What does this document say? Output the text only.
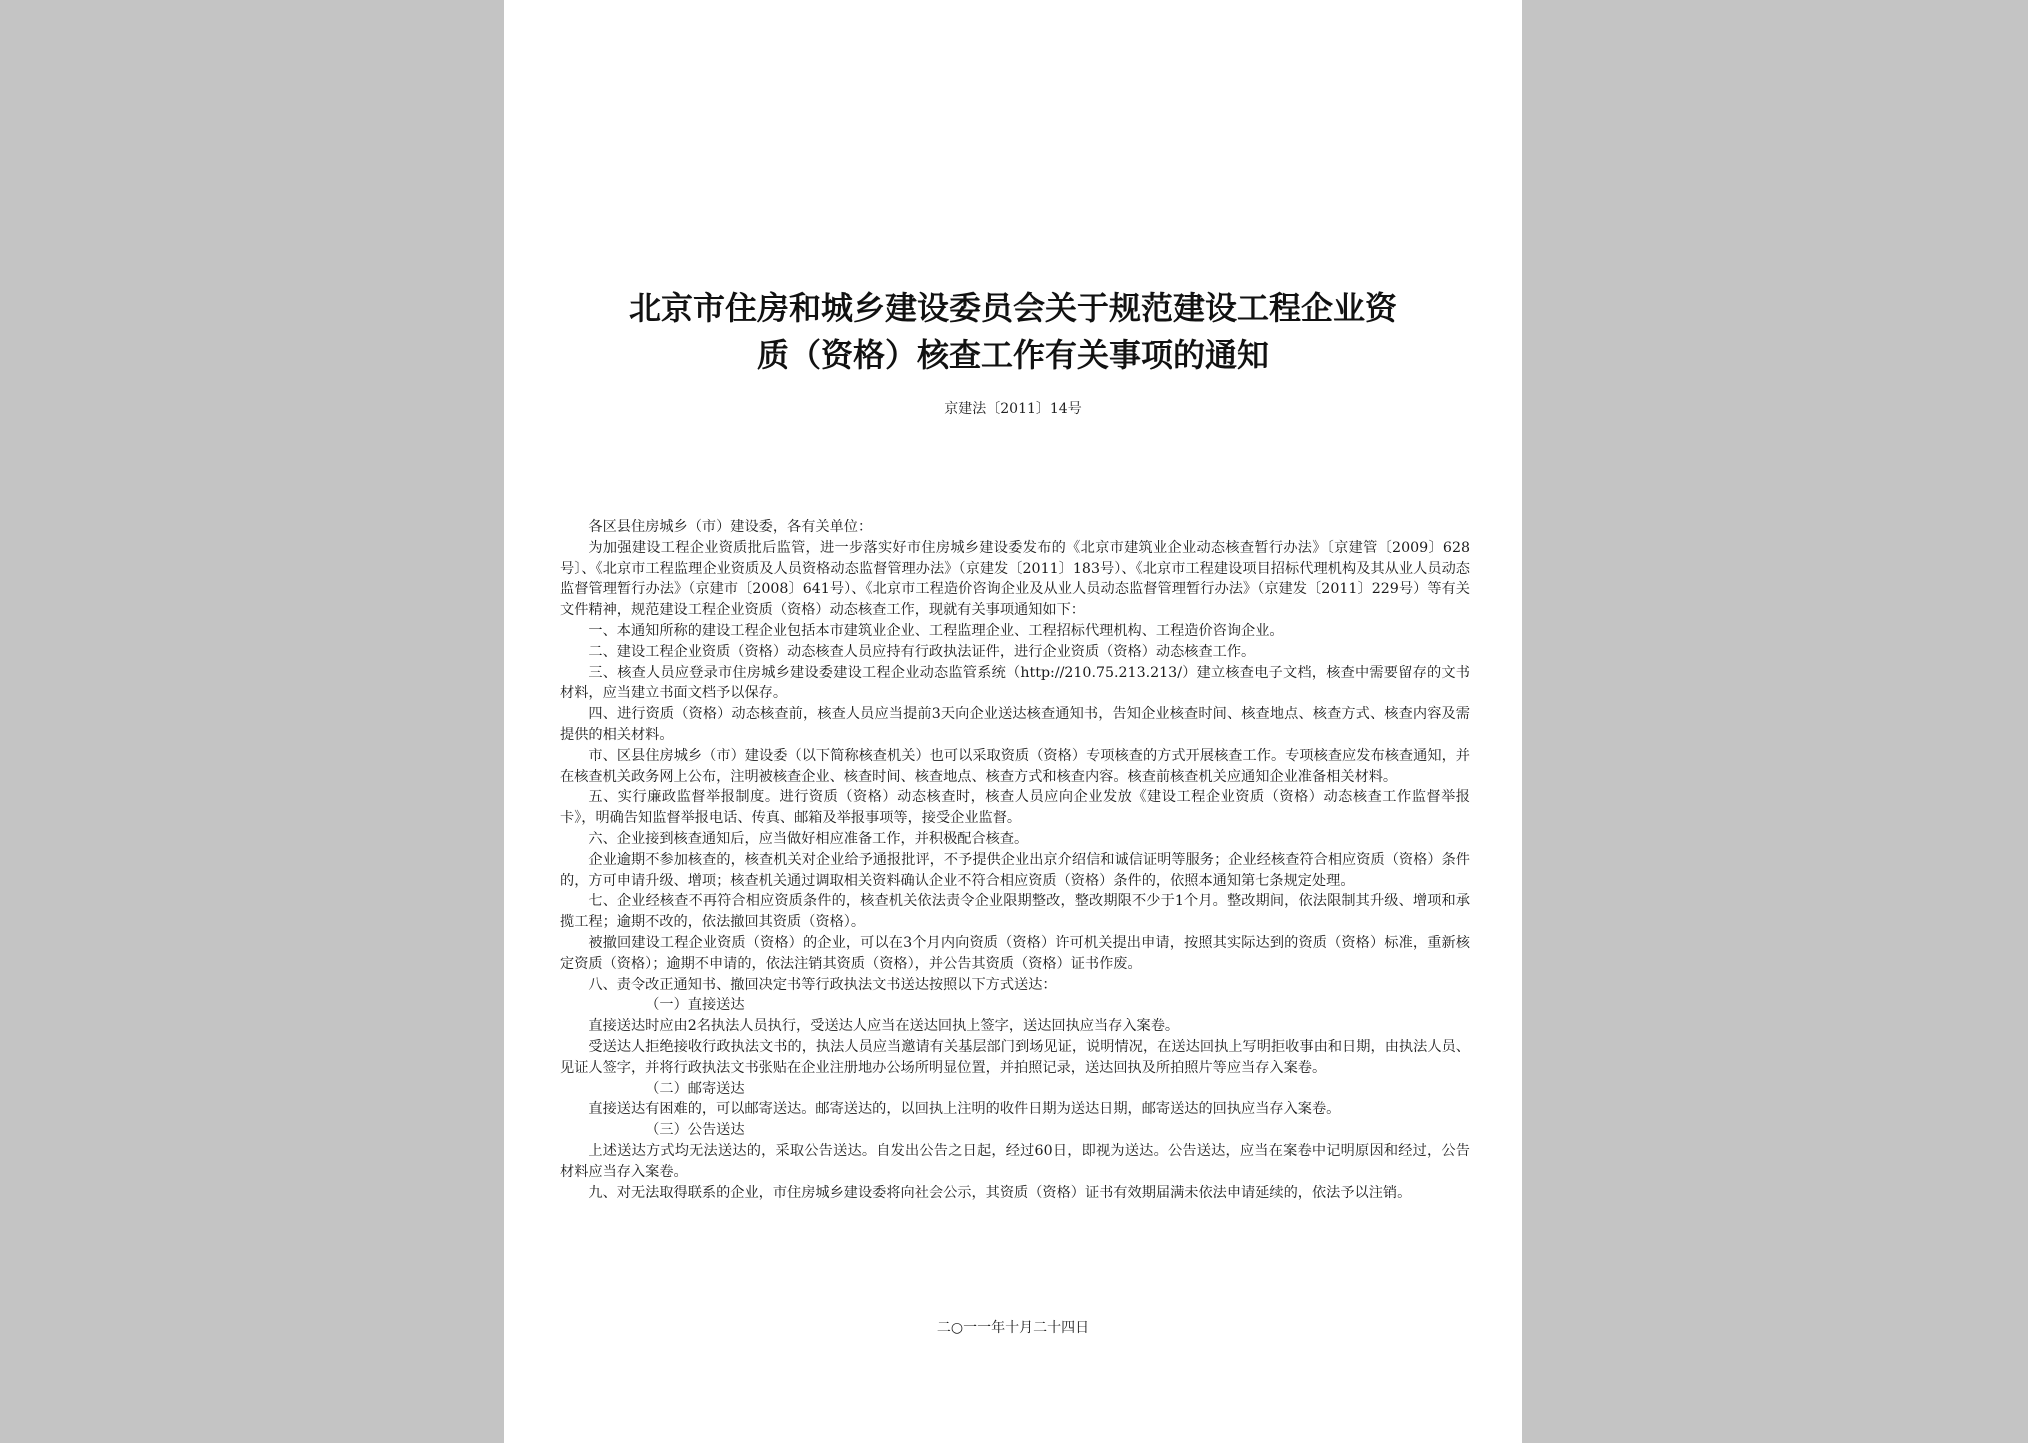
北京市住房和城乡建设委员会关于规范建设工程企业资
质（资格）核查工作有关事项的通知
京建法〔2011〕14号

各区县住房城乡（市）建设委，各有关单位：

为加强建设工程企业资质批后监管，进一步落实好市住房城乡建设委发布的《北京市建筑业企业动态核查暂行办法》〔京建管〔2009〕628号〕、《北京市工程监理企业资质及人员资格动态监督管理办法》（京建发〔2011〕183号）、《北京市工程建设项目招标代理机构及其从业人员动态监督管理暂行办法》（京建市〔2008〕641号）、《北京市工程造价咨询企业及从业人员动态监督管理暂行办法》（京建发〔2011〕229号）等有关文件精神，规范建设工程企业资质（资格）动态核查工作，现就有关事项通知如下：

一、本通知所称的建设工程企业包括本市建筑业企业、工程监理企业、工程招标代理机构、工程造价咨询企业。

二、建设工程企业资质（资格）动态核查人员应持有行政执法证件，进行企业资质（资格）动态核查工作。

三、核查人员应登录市住房城乡建设委建设工程企业动态监管系统（http://210.75.213.213/）建立核查电子文档，核查中需要留存的文书材料，应当建立书面文档予以保存。

四、进行资质（资格）动态核查前，核查人员应当提前3天向企业送达核查通知书，告知企业核查时间、核查地点、核查方式、核查内容及需提供的相关材料。

市、区县住房城乡（市）建设委（以下简称核查机关）也可以采取资质（资格）专项核查的方式开展核查工作。专项核查应发布核查通知，并在核查机关政务网上公布，注明被核查企业、核查时间、核查地点、核查方式和核查内容。核查前核查机关应通知企业准备相关材料。

五、实行廉政监督举报制度。进行资质（资格）动态核查时，核查人员应向企业发放《建设工程企业资质（资格）动态核查工作监督举报卡》，明确告知监督举报电话、传真、邮箱及举报事项等，接受企业监督。

六、企业接到核查通知后，应当做好相应准备工作，并积极配合核查。

企业逾期不参加核查的，核查机关对企业给予通报批评，不予提供企业出京介绍信和诚信证明等服务；企业经核查符合相应资质（资格）条件的，方可申请升级、增项；核查机关通过调取相关资料确认企业不符合相应资质（资格）条件的，依照本通知第七条规定处理。

七、企业经核查不再符合相应资质条件的，核查机关依法责令企业限期整改，整改期限不少于1个月。整改期间，依法限制其升级、增项和承揽工程；逾期不改的，依法撤回其资质（资格）。

被撤回建设工程企业资质（资格）的企业，可以在3个月内向资质（资格）许可机关提出申请，按照其实际达到的资质（资格）标准，重新核定资质（资格）；逾期不申请的，依法注销其资质（资格），并公告其资质（资格）证书作废。

八、责令改正通知书、撤回决定书等行政执法文书送达按照以下方式送达：

（一）直接送达

直接送达时应由2名执法人员执行，受送达人应当在送达回执上签字，送达回执应当存入案卷。

受送达人拒绝接收行政执法文书的，执法人员应当邀请有关基层部门到场见证，说明情况，在送达回执上写明拒收事由和日期，由执法人员、见证人签字，并将行政执法文书张贴在企业注册地办公场所明显位置，并拍照记录，送达回执及所拍照片等应当存入案卷。

（二）邮寄送达

直接送达有困难的，可以邮寄送达。邮寄送达的，以回执上注明的收件日期为送达日期，邮寄送达的回执应当存入案卷。

（三）公告送达

上述送达方式均无法送达的，采取公告送达。自发出公告之日起，经过60日，即视为送达。公告送达，应当在案卷中记明原因和经过，公告材料应当存入案卷。

九、对无法取得联系的企业，市住房城乡建设委将向社会公示，其资质（资格）证书有效期届满未依法申请延续的，依法予以注销。

二○一一年十月二十四日
